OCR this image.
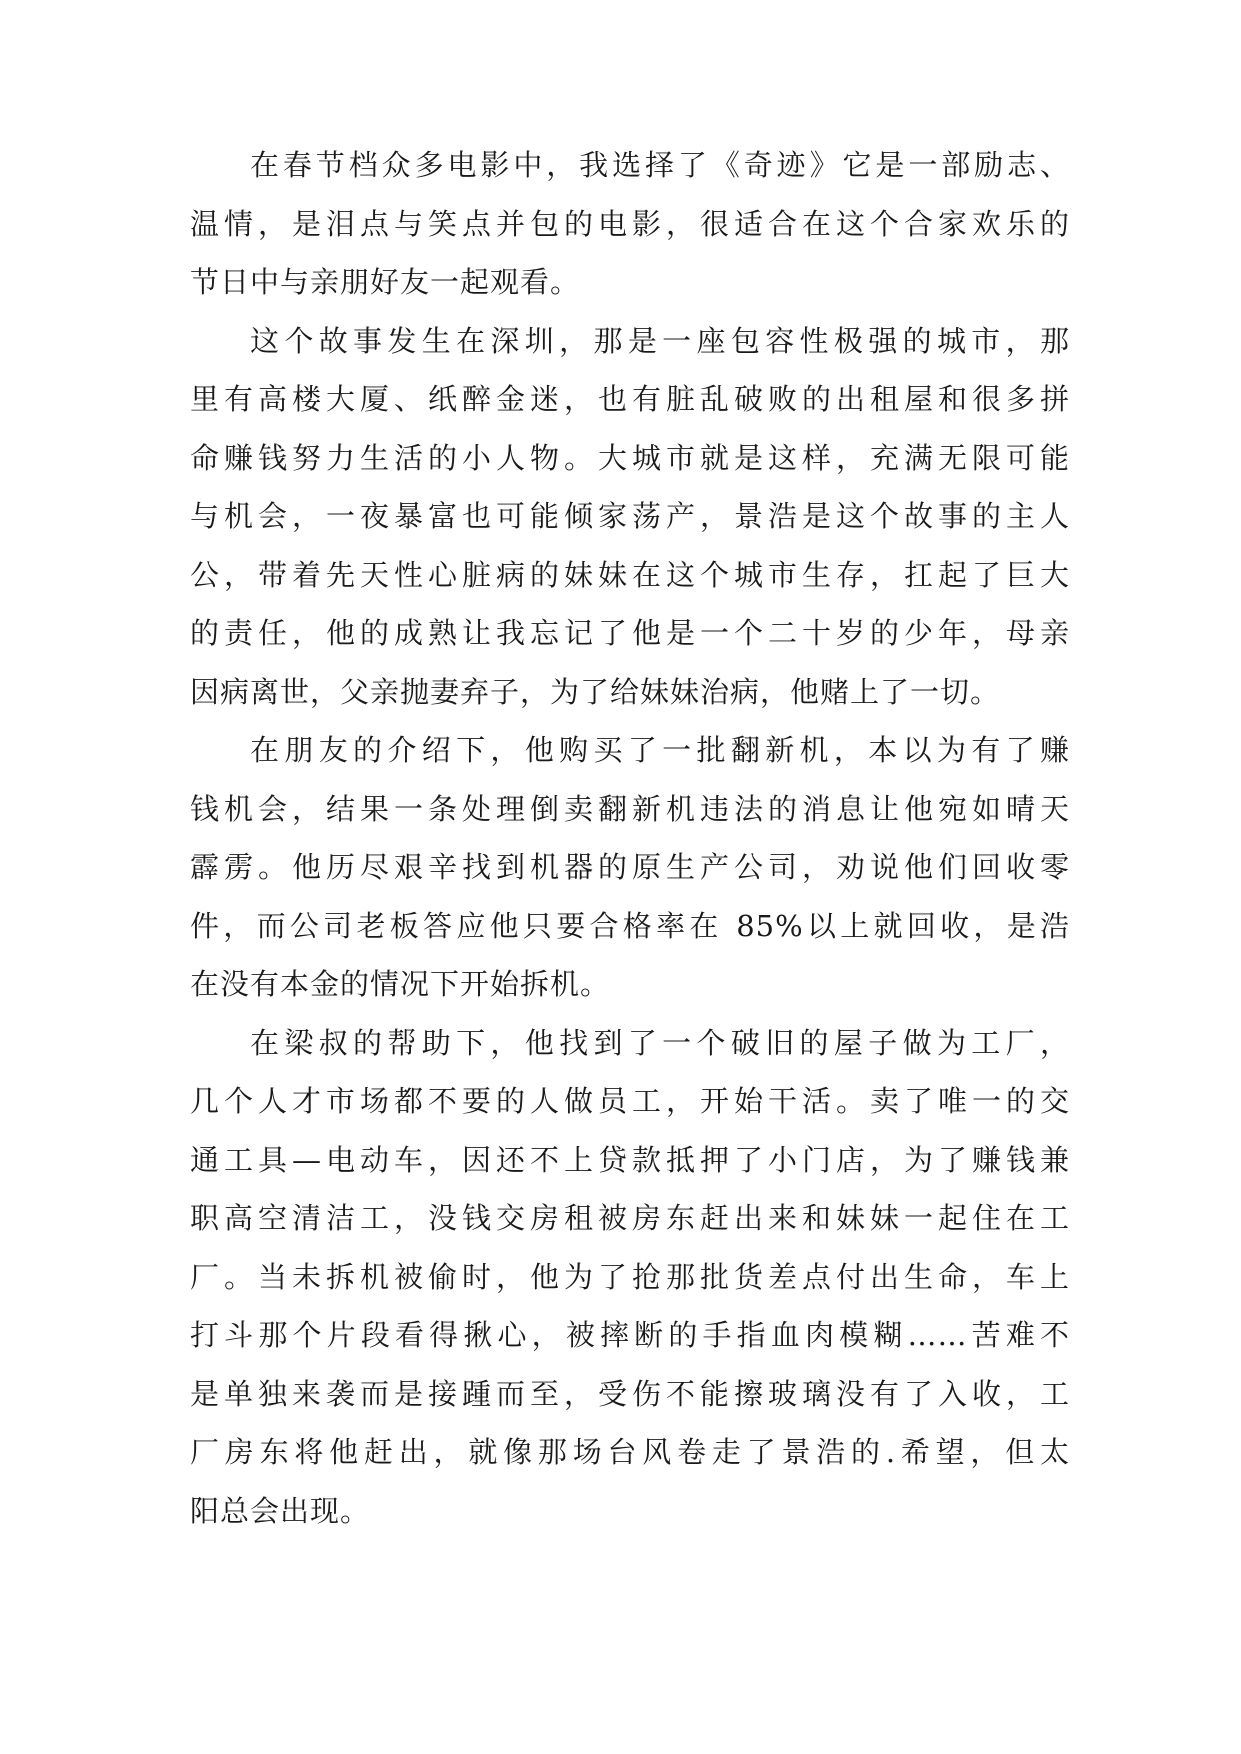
在春节档众多电影中，我选择了《奇迹》它是一部励志、
温情，是泪点与笑点并包的电影，很适合在这个合家欢乐的
节日中与亲朋好友一起观看。

这个故事发生在深圳，那是一座包容性极强的城市，那
里有高楼大厦、纸醉金迷，也有脏乱破败的出租屋和很多拼
命赚钱努力生活的小人物。大城市就是这样，充满无限可能
与机会，一夜暴富也可能倾家荡产，景浩是这个故事的主人
公，带着先天性心脏病的妹妹在这个城市生存，扛起了巨大
的责任，他的成熟让我忘记了他是一个二十岁的少年，母亲
因病离世，父亲抛妻弃子，为了给妹妹治病，他赌上了一切。

在朋友的介绍下，他购买了一批翻新机，本以为有了赚
钱机会，结果一条处理倒卖翻新机违法的消息让他宛如晴天
霹雳。他历尽艰辛找到机器的原生产公司，劝说他们回收零
件，而公司老板答应他只要合格率在 85%以上就回收，是浩
在没有本金的情况下开始拆机。

在梁叔的帮助下，他找到了一个破旧的屋子做为工厂，
几个人才市场都不要的人做员工，开始干活。卖了唯一的交
通工具—电动车，因还不上贷款抵押了小门店，为了赚钱兼
职高空清洁工，没钱交房租被房东赶出来和妹妹一起住在工
厂。当未拆机被偷时，他为了抢那批货差点付出生命，车上
打斗那个片段看得揪心，被摔断的手指血肉模糊……苦难不
是单独来袭而是接踵而至，受伤不能擦玻璃没有了入收，工
厂房东将他赶出，就像那场台风卷走了景浩的.希望，但太
阳总会出现。
